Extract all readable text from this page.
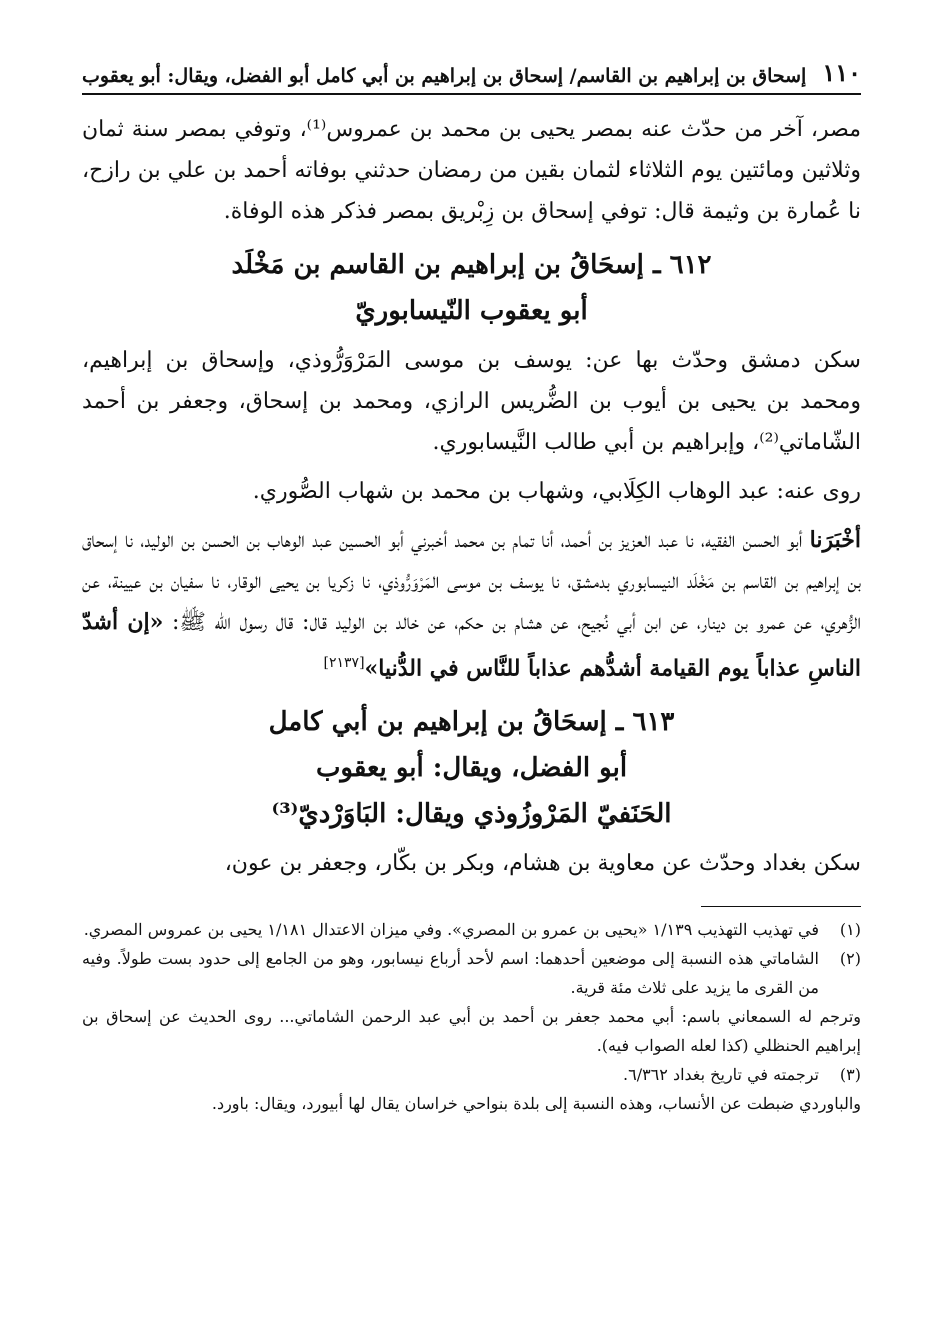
١١٠
إسحاق بن إبراهيم بن القاسم/ إسحاق بن إبراهيم بن أبي كامل أبو الفضل، ويقال: أبو يعقوب

مصر، آخر من حدّث عنه بمصر يحيى بن محمد بن عمروس⁽¹⁾، وتوفي بمصر سنة ثمان وثلاثين ومائتين يوم الثلاثاء لثمان بقين من رمضان حدثني بوفاته أحمد بن علي بن رازح، نا عُمارة بن وثيمة قال: توفي إسحاق بن زِبْريق بمصر فذكر هذه الوفاة.

٦١٢ ـ إسحَاقُ بن إبراهيم بن القاسم بن مَخْلَد
أبو يعقوب النّيسابوريّ

سكن دمشق وحدّث بها عن: يوسف بن موسى المَرْوَرُّوذي، وإسحاق بن إبراهيم، ومحمد بن يحيى بن أيوب بن الضُّريس الرازي، ومحمد بن إسحاق، وجعفر بن أحمد الشّاماتي⁽²⁾، وإبراهيم بن أبي طالب النَّيسابوري.

روى عنه: عبد الوهاب الكِلَابي، وشهاب بن محمد بن شهاب الصُّوري.

أخْبَرَنا أبو الحسن الفقيه، نا عبد العزيز بن أحمد، أنا تمام بن محمد أخبرني أبو الحسين عبد الوهاب بن الحسن بن الوليد، نا إسحاق بن إبراهيم بن القاسم بن مَخْلَد النيسابوري بدمشق، نا يوسف بن موسى المَرْوَرُّوذي، نا زكريا بن يحيى الوقار، نا سفيان بن عيينة، عن الزُّهري، عن عمرو بن دينار، عن ابن أبي نُجيح، عن هشام بن حكم، عن خالد بن الوليد قال: قال رسول الله ﷺ: «إن أشدّ الناسِ عذاباً يوم القيامة أشدُّهم عذاباً للنَّاس في الدُّنيا»[٢١٣٧]

٦١٣ ـ إسحَاقُ بن إبراهيم بن أبي كامل
أبو الفضل، ويقال: أبو يعقوب
الحَنَفيّ المَرْوزُوذي ويقال: البَاوَرْديّ⁽³⁾

سكن بغداد وحدّث عن معاوية بن هشام، وبكر بن بكّار، وجعفر بن عون،

(١)
في تهذيب التهذيب ١/١٣٩ «يحيى بن عمرو بن المصري». وفي ميزان الاعتدال ١/١٨١ يحيى بن عمروس المصري.
(٢)
الشاماتي هذه النسبة إلى موضعين أحدهما: اسم لأحد أرباع نيسابور، وهو من الجامع إلى حدود بست طولاً. وفيه من القرى ما يزيد على ثلاث مئة قرية.
وترجم له السمعاني باسم: أبي محمد جعفر بن أحمد بن أبي عبد الرحمن الشاماتي... روى الحديث عن إسحاق بن إبراهيم الحنظلي (كذا لعله الصواب فيه).
(٣)
ترجمته في تاريخ بغداد ٦/٣٦٢.
والباوردي ضبطت عن الأنساب، وهذه النسبة إلى بلدة بنواحي خراسان يقال لها أبيورد، ويقال: باورد.
